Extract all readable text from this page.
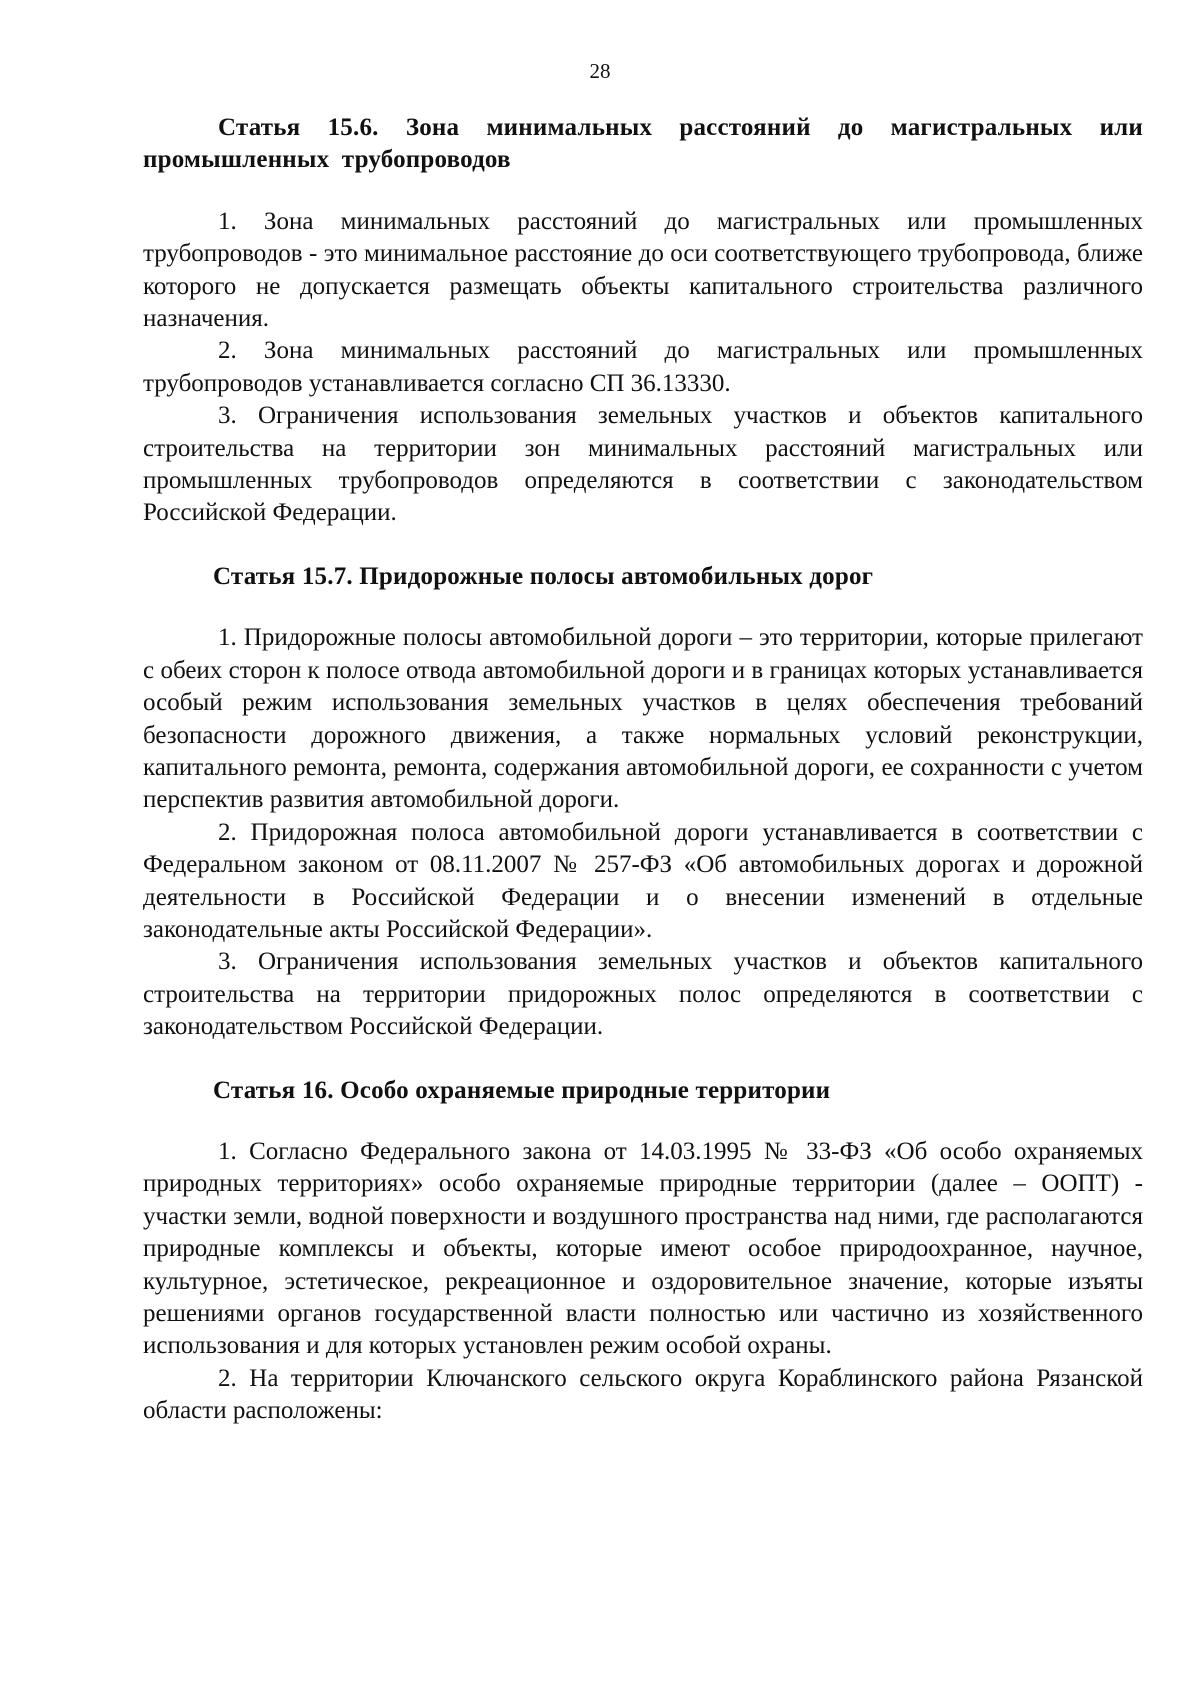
28

Статья 15.6. Зона минимальных расстояний до магистральных или промышленных трубопроводов

1. Зона минимальных расстояний до магистральных или промышленных трубопроводов - это минимальное расстояние до оси соответствующего трубопровода, ближе которого не допускается размещать объекты капитального строительства различного назначения.

2. Зона минимальных расстояний до магистральных или промышленных трубопроводов устанавливается согласно СП 36.13330.

3. Ограничения использования земельных участков и объектов капитального строительства на территории зон минимальных расстояний магистральных или промышленных трубопроводов определяются в соответствии с законодательством Российской Федерации.

Статья 15.7. Придорожные полосы автомобильных дорог

1. Придорожные полосы автомобильной дороги – это территории, которые прилегают с обеих сторон к полосе отвода автомобильной дороги и в границах которых устанавливается особый режим использования земельных участков в целях обеспечения требований безопасности дорожного движения, а также нормальных условий реконструкции, капитального ремонта, ремонта, содержания автомобильной дороги, ее сохранности с учетом перспектив развития автомобильной дороги.

2. Придорожная полоса автомобильной дороги устанавливается в соответствии с Федеральном законом от 08.11.2007 № 257-ФЗ «Об автомобильных дорогах и дорожной деятельности в Российской Федерации и о внесении изменений в отдельные законодательные акты Российской Федерации».

3. Ограничения использования земельных участков и объектов капитального строительства на территории придорожных полос определяются в соответствии с законодательством Российской Федерации.

Статья 16. Особо охраняемые природные территории

1. Согласно Федерального закона от 14.03.1995 № 33-ФЗ «Об особо охраняемых природных территориях» особо охраняемые природные территории (далее – ООПТ) - участки земли, водной поверхности и воздушного пространства над ними, где располагаются природные комплексы и объекты, которые имеют особое природоохранное, научное, культурное, эстетическое, рекреационное и оздоровительное значение, которые изъяты решениями органов государственной власти полностью или частично из хозяйственного использования и для которых установлен режим особой охраны.

2. На территории Ключанского сельского округа Кораблинского района Рязанской области расположены:
